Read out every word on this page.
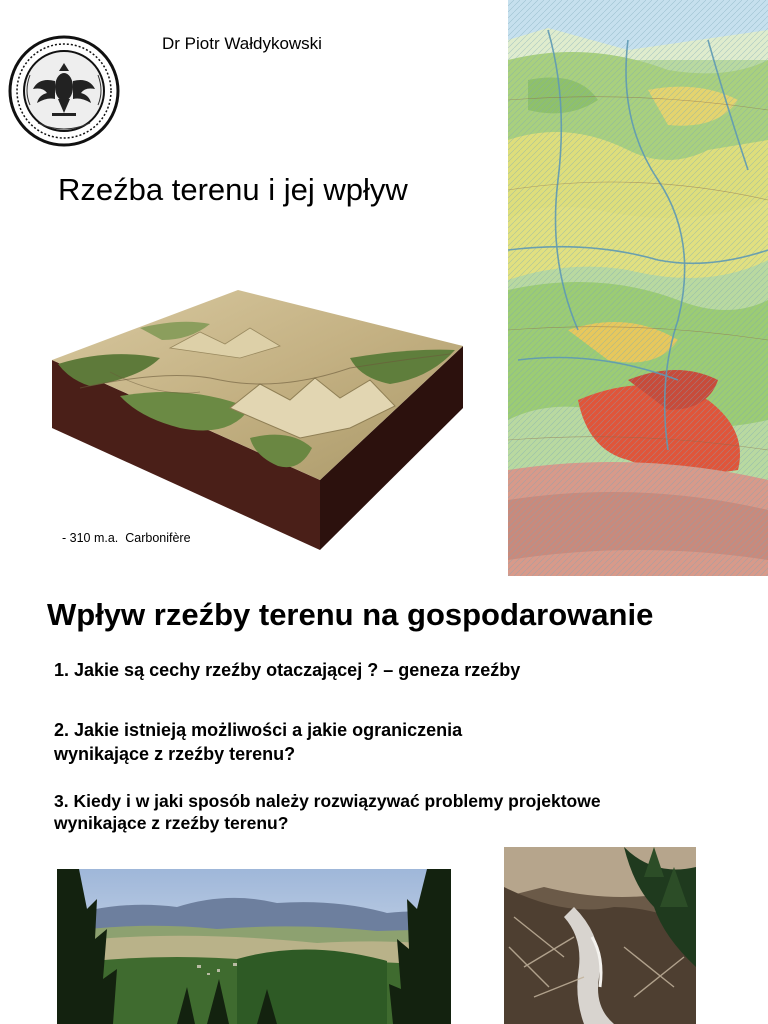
Dr Piotr Wałdykowski
Rzeźba terenu i jej wpływ
- 310 m.a.  Carbonifère
Wpływ rzeźby terenu na gospodarowanie
1. Jakie są cechy rzeźby otaczającej ? – geneza rzeźby
2. Jakie istnieją możliwości a jakie ograniczenia
wynikające z rzeźby terenu?
3. Kiedy i w jaki sposób należy rozwiązywać problemy projektowe
wynikające z rzeźby terenu?
